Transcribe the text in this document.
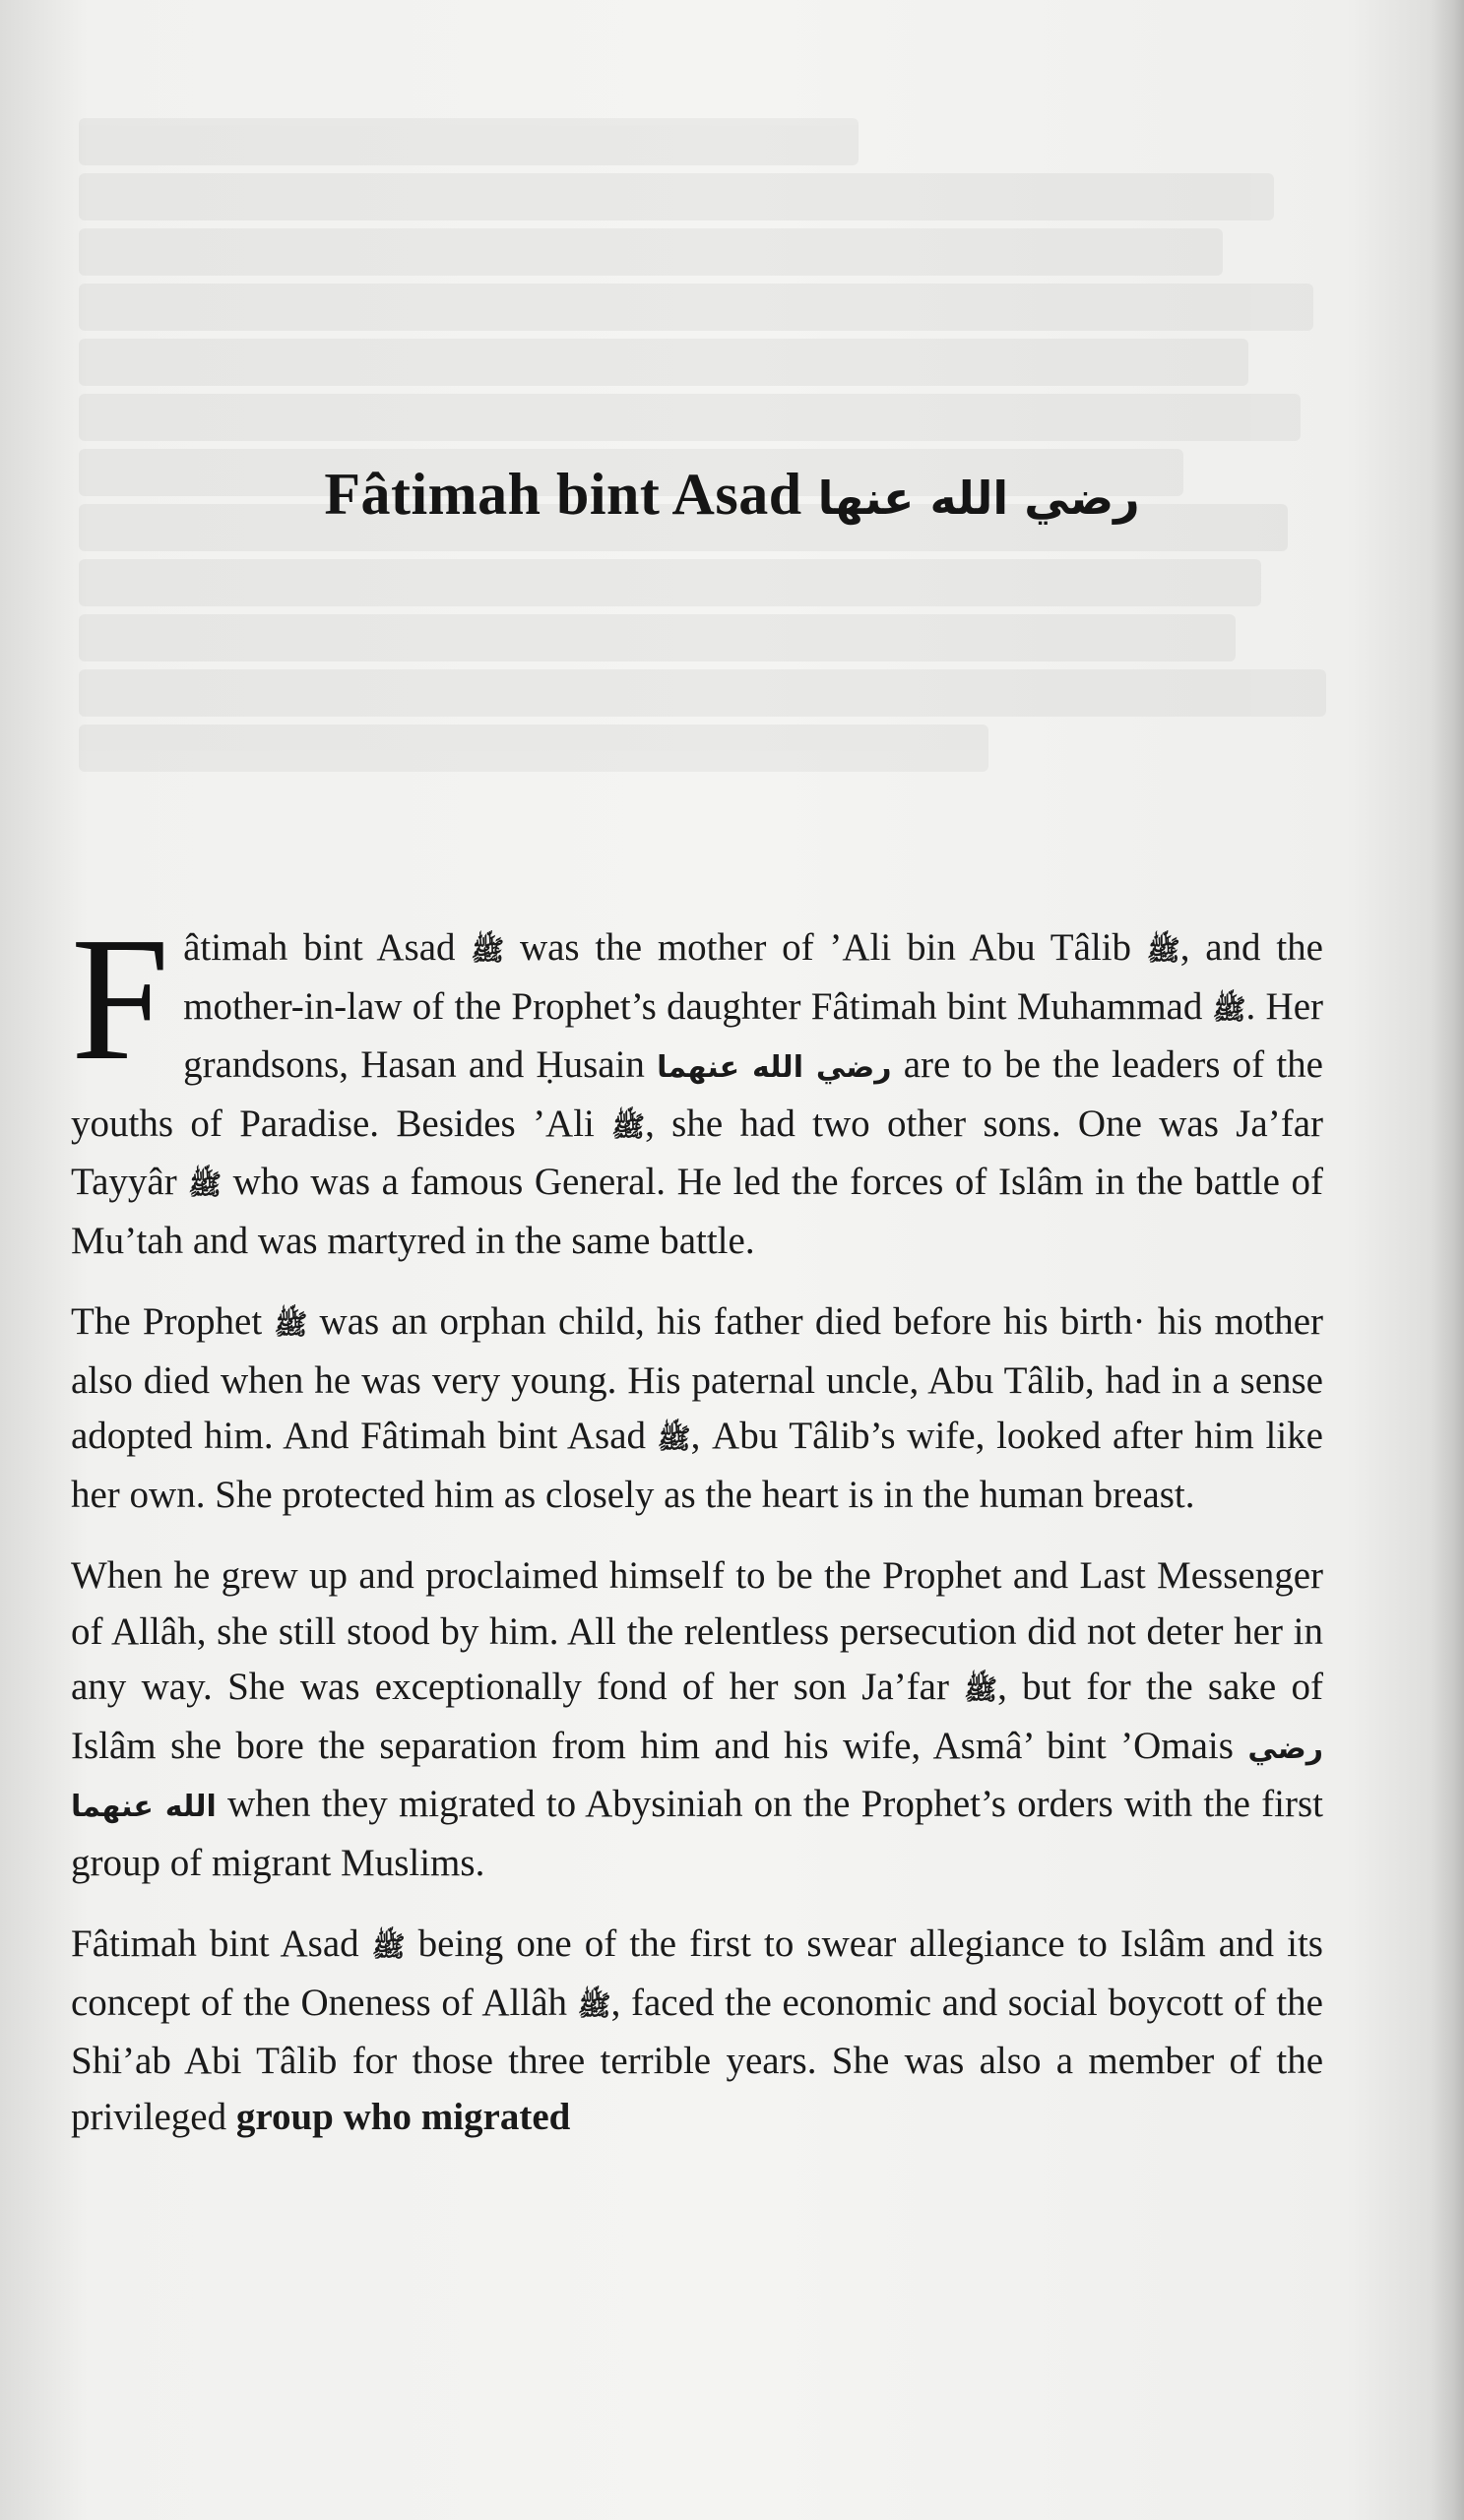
Fâtimah bint Asad رضي الله عنها

Fâtimah bint Asad ﷺ was the mother of ’Ali bin Abu Tâlib ﷺ, and the mother-in-law of the Prophet’s daughter Fâtimah bint Muhammad ﷺ. Her grandsons, Hasan and Ḥusain رضي الله عنهما are to be the leaders of the youths of Paradise. Besides ’Ali ﷺ, she had two other sons. One was Ja’far Tayyâr ﷺ who was a famous General. He led the forces of Islâm in the battle of Mu’tah and was martyred in the same battle.

The Prophet ﷺ was an orphan child, his father died before his birth· his mother also died when he was very young. His paternal uncle, Abu Tâlib, had in a sense adopted him. And Fâtimah bint Asad ﷺ, Abu Tâlib’s wife, looked after him like her own. She protected him as closely as the heart is in the human breast.

When he grew up and proclaimed himself to be the Prophet and Last Messenger of Allâh, she still stood by him. All the relentless persecution did not deter her in any way. She was exceptionally fond of her son Ja’far ﷺ, but for the sake of Islâm she bore the separation from him and his wife, Asmâ’ bint ’Omais رضي الله عنهما when they migrated to Abysiniah on the Prophet’s orders with the first group of migrant Muslims.

Fâtimah bint Asad ﷺ being one of the first to swear allegiance to Islâm and its concept of the Oneness of Allâh ﷺ, faced the economic and social boycott of the Shi’ab Abi Tâlib for those three terrible years. She was also a member of the privileged group who migrated
